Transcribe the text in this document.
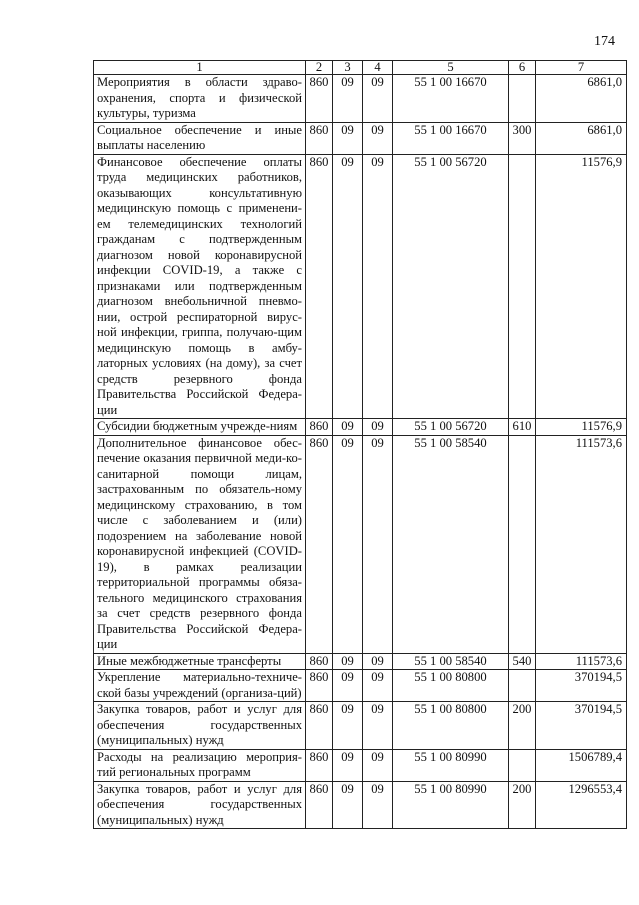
174
1	2	3	4	5	6	7
Мероприятия в области здраво-охранения, спорта и физической культуры, туризма	860	09	09	55 1 00 16670		6861,0
Социальное обеспечение и иные выплаты населению	860	09	09	55 1 00 16670	300	6861,0
Финансовое обеспечение оплаты труда медицинских работников, оказывающих консультативную медицинскую помощь с применени-ем телемедицинских технологий гражданам с подтвержденным диагнозом новой коронавирусной инфекции COVID-19, а также с признаками или подтвержденным диагнозом внебольничной пневмо-нии, острой респираторной вирус-ной инфекции, гриппа, получаю-щим медицинскую помощь в амбу-латорных условиях (на дому), за счет средств резервного фонда Правительства Российской Федера-ции	860	09	09	55 1 00 56720		11576,9
Субсидии бюджетным учрежде-ниям	860	09	09	55 1 00 56720	610	11576,9
Дополнительное финансовое обес-печение оказания первичной меди-ко-санитарной помощи лицам, застрахованным по обязатель-ному медицинскому страхованию, в том числе с заболеванием и (или) подозрением на заболевание новой коронавирусной инфекцией (COVID-19), в рамках реализации территориальной программы обяза-тельного медицинского страхования за счет средств резервного фонда Правительства Российской Федера-ции	860	09	09	55 1 00 58540		111573,6
Иные межбюджетные трансферты	860	09	09	55 1 00 58540	540	111573,6
Укрепление материально-техниче-ской базы учреждений (организа-ций)	860	09	09	55 1 00 80800		370194,5
Закупка товаров, работ и услуг для обеспечения государственных (муниципальных) нужд	860	09	09	55 1 00 80800	200	370194,5
Расходы на реализацию мероприя-тий региональных программ	860	09	09	55 1 00 80990		1506789,4
Закупка товаров, работ и услуг для обеспечения государственных (муниципальных) нужд	860	09	09	55 1 00 80990	200	1296553,4
